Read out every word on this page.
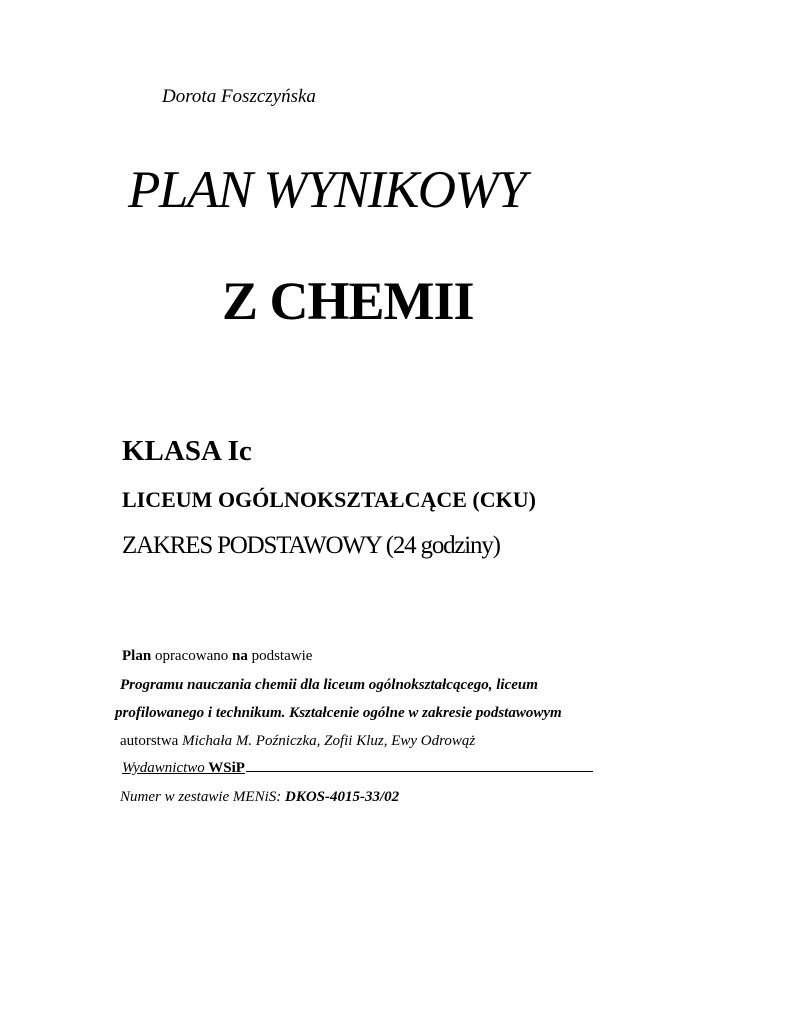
Dorota Foszczyńska
PLAN WYNIKOWY
Z CHEMII
KLASA Ic
LICEUM OGÓLNOKSZTAŁCĄCE (CKU)
ZAKRES PODSTAWOWY (24 godziny)
Plan opracowano na podstawie
Programu nauczania chemii dla liceum ogólnokształcącego, liceum
profilowanego i technikum. Kształcenie ogólne w zakresie podstawowym
autorstwa Michała M. Poźniczka, Zofii Kluz, Ewy Odrowąż
Wydawnictwo WSiP
Numer w zestawie MENiS: DKOS-4015-33/02
